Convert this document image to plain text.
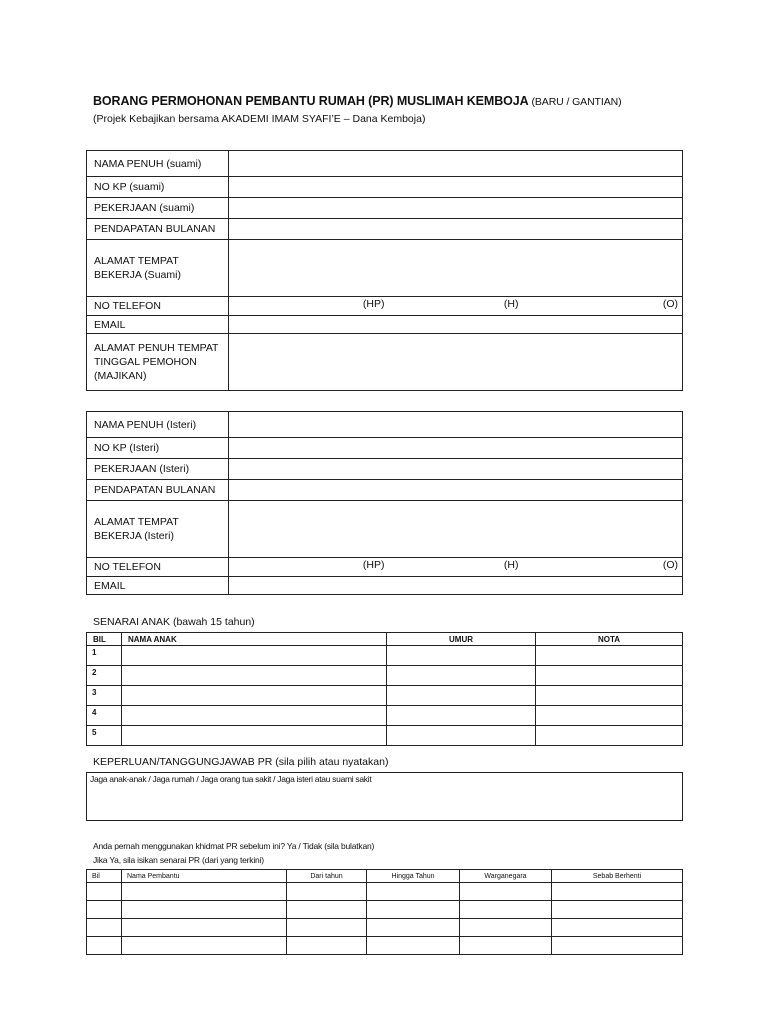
BORANG PERMOHONAN PEMBANTU RUMAH (PR) MUSLIMAH KEMBOJA (BARU / GANTIAN)
(Projek Kebajikan bersama AKADEMI IMAM SYAFI’E – Dana Kemboja)
NAMA PENUH (suami)	
NO KP (suami)	
PEKERJAAN (suami)	
PENDAPATAN BULANAN	

ALAMAT TEMPAT
BEKERJA (Suami)	

NO TELEFON	(HP) (H) (O)

EMAIL	

ALAMAT PENUH TEMPAT
TINGGAL PEMOHON
(MAJIKAN)	

NAMA PENUH (Isteri)	
NO KP (Isteri)	
PEKERJAAN (Isteri)	
PENDAPATAN BULANAN	

ALAMAT TEMPAT
BEKERJA (Isteri)	

NO TELEFON	(HP) (H) (O)

EMAIL	
SENARAI ANAK (bawah 15 tahun)
BIL	NAMA ANAK	UMUR	NOTA
1			
2			
3			
4			
5			
KEPERLUAN/TANGGUNGJAWAB PR (sila pilih atau nyatakan)
Jaga anak-anak / Jaga rumah / Jaga orang tua sakit / Jaga isteri atau suami sakit
Anda pernah menggunakan khidmat PR sebelum ini? Ya / Tidak (sila bulatkan)
Jika Ya, sila isikan senarai PR (dari yang terkini)
Bil	Nama Pembantu	Dari tahun	Hingga Tahun	Warganegara	Sebab Berhenti
